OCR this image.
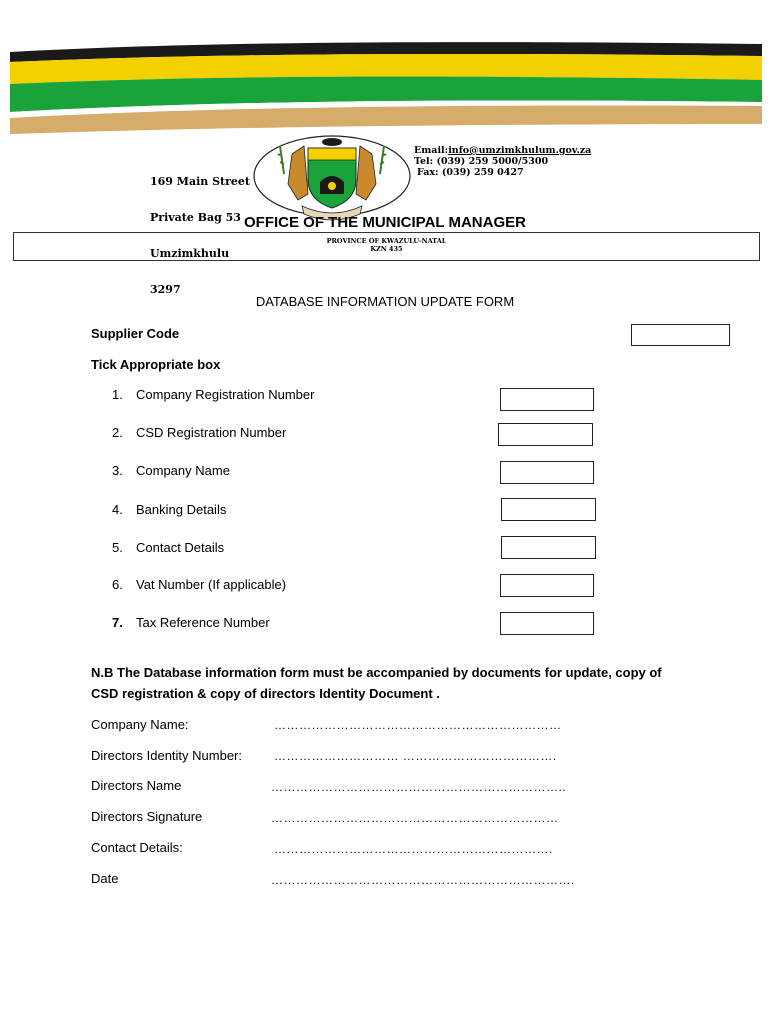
169 Main Street

Private Bag 53

Umzimkhulu

3297

Email:info@umzimkhulum.gov.za
Tel: (039) 259 5000/5300
Fax: (039) 259 0427
OFFICE OF THE MUNICIPAL MANAGER
PROVINCE OF KWAZULU-NATAL
KZN 435
DATABASE INFORMATION UPDATE FORM
Supplier Code
Tick Appropriate box
1. Company Registration Number
2. CSD Registration Number
3. Company Name
4. Banking Details
5. Contact Details
6. Vat Number (If applicable)
7. Tax Reference Number
N.B The Database information form must be accompanied by documents for update, copy of
CSD registration & copy of directors Identity Document .
Company Name:	……………………………………………………………
Directors Identity Number:	………………………… ……………………………….
Directors Name	……………………………………………………………..
Directors Signature	……………………………………………………………
Contact Details:	………………………………………………………….
Date	……………………………………………………………….
